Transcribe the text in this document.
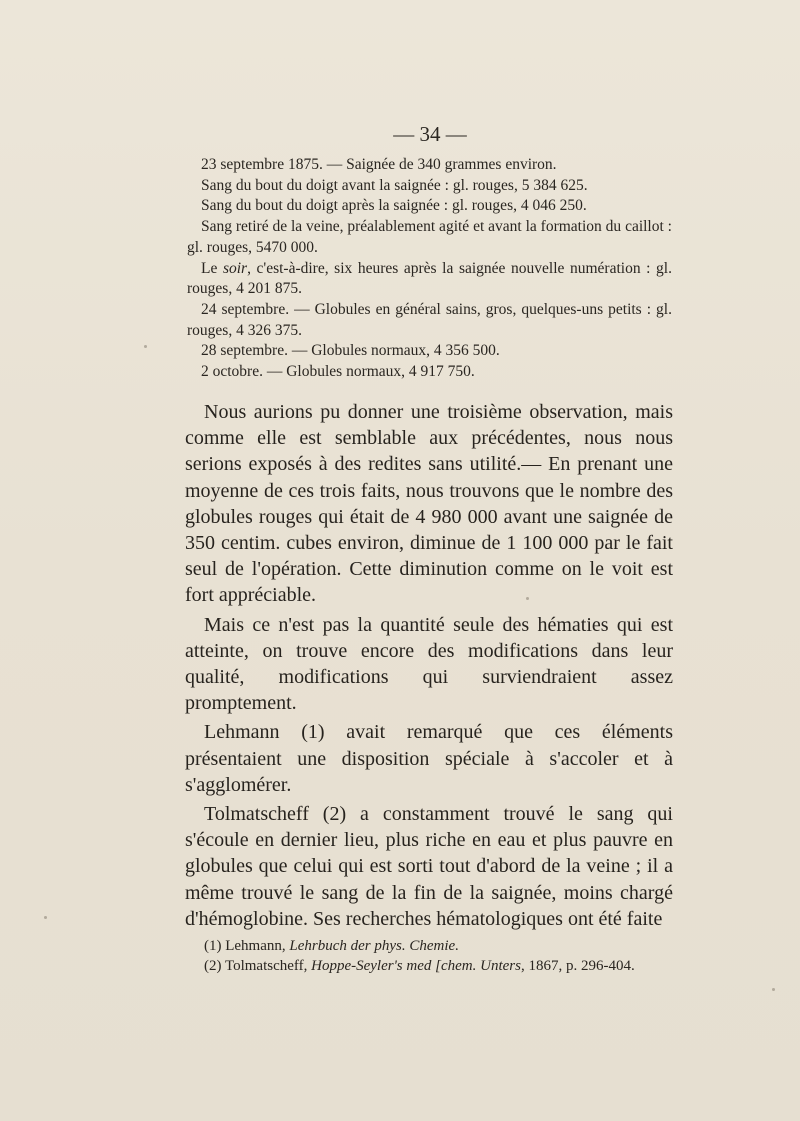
— 34 —

23 septembre 1875. — Saignée de 340 grammes environ.

Sang du bout du doigt avant la saignée : gl. rouges, 5 384 625.

Sang du bout du doigt après la saignée : gl. rouges, 4 046 250.

Sang retiré de la veine, préalablement agité et avant la formation du caillot : gl. rouges, 5470 000.

Le soir, c'est-à-dire, six heures après la saignée nouvelle numération : gl. rouges, 4 201 875.

24 septembre. — Globules en général sains, gros, quelques-uns petits : gl. rouges, 4 326 375.

28 septembre. — Globules normaux, 4 356 500.

2 octobre. — Globules normaux, 4 917 750.

Nous aurions pu donner une troisième observation, mais comme elle est semblable aux précédentes, nous nous serions exposés à des redites sans utilité.— En prenant une moyenne de ces trois faits, nous trouvons que le nombre des globules rouges qui était de 4 980 000 avant une saignée de 350 centim. cubes environ, diminue de 1 100 000 par le fait seul de l'opération. Cette diminution comme on le voit est fort appréciable.

Mais ce n'est pas la quantité seule des hématies qui est atteinte, on trouve encore des modifications dans leur qualité, modifications qui surviendraient assez promptement.

Lehmann (1) avait remarqué que ces éléments présentaient une disposition spéciale à s'accoler et à s'agglomérer.

Tolmatscheff (2) a constamment trouvé le sang qui s'écoule en dernier lieu, plus riche en eau et plus pauvre en globules que celui qui est sorti tout d'abord de la veine ; il a même trouvé le sang de la fin de la saignée, moins chargé d'hémoglobine. Ses recherches hématologiques ont été faite

(1) Lehmann, Lehrbuch der phys. Chemie.

(2) Tolmatscheff, Hoppe-Seyler's med [chem. Unters, 1867, p. 296-404.
